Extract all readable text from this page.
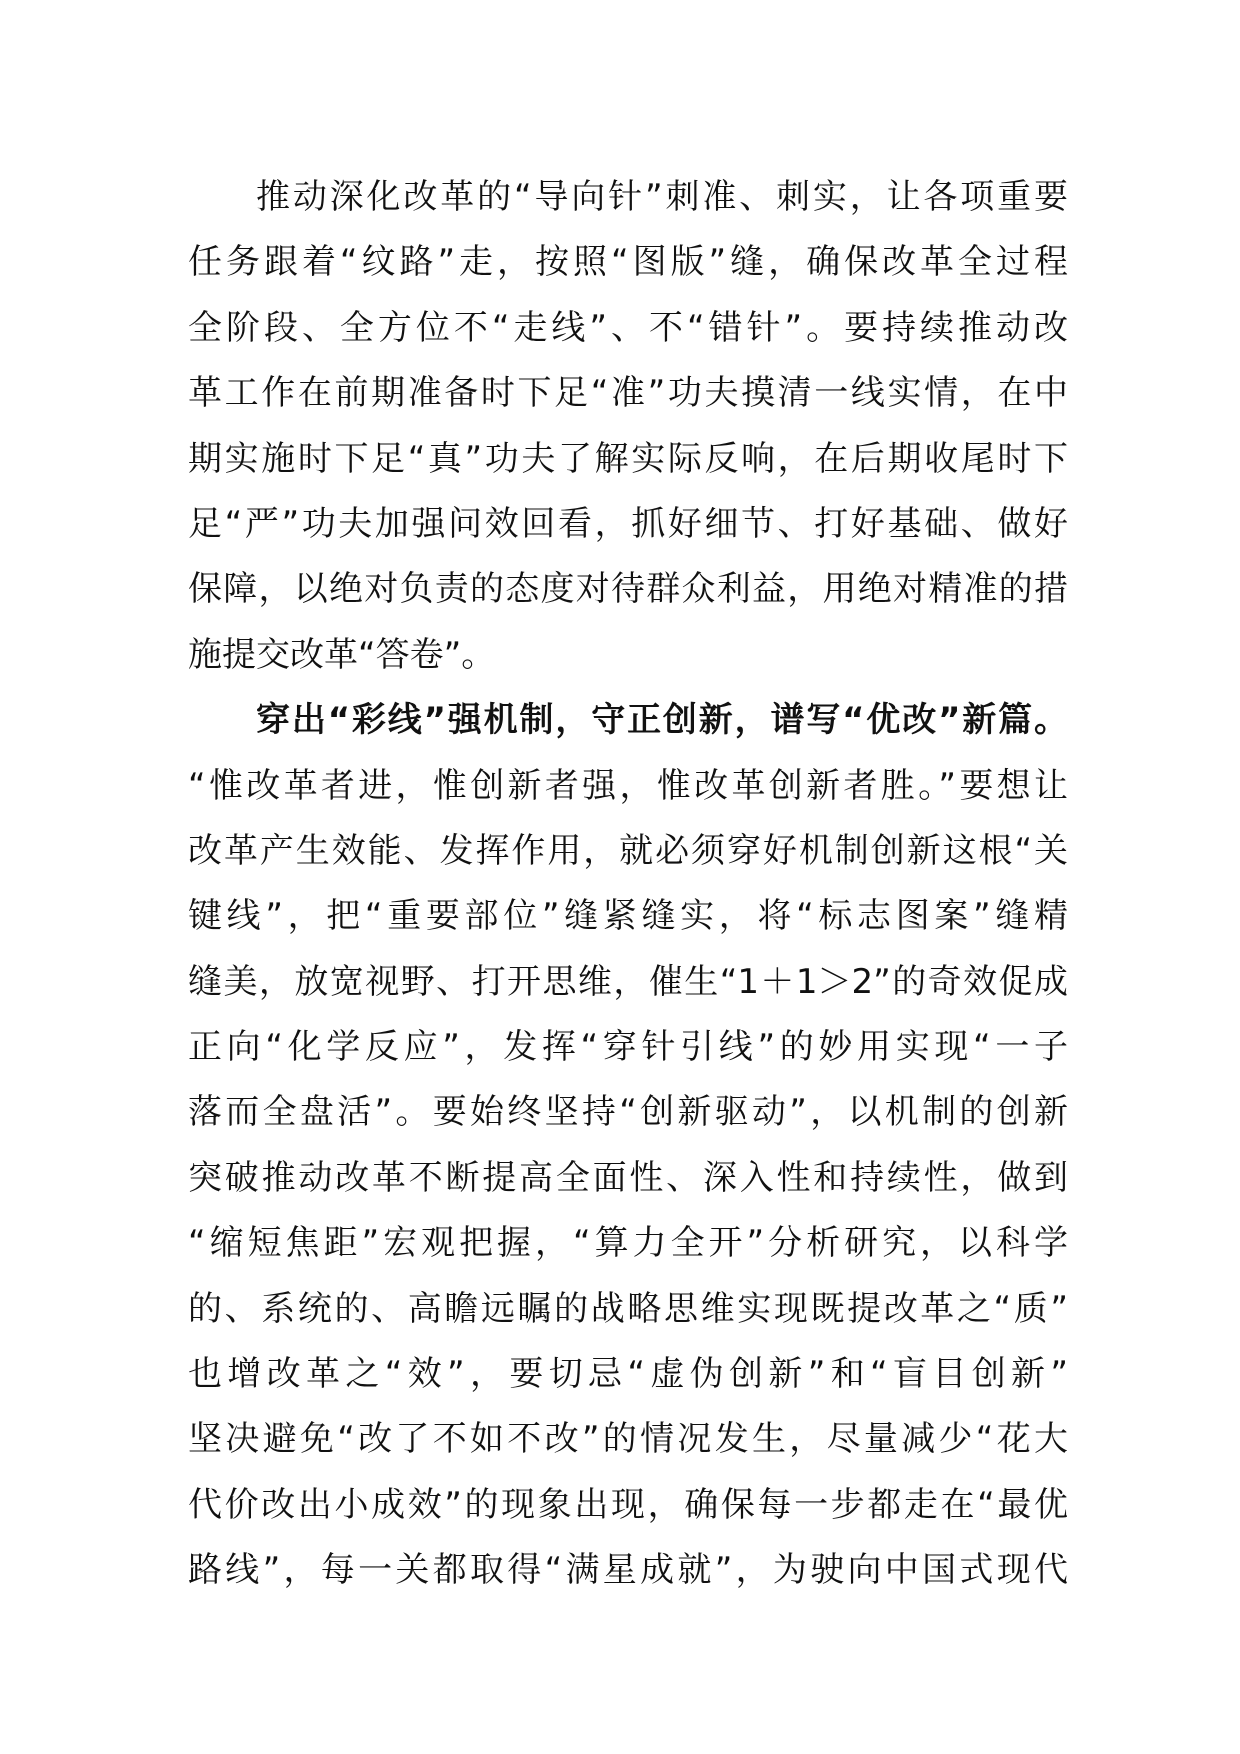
推动深化改革的“导向针”刺准、刺实，让各项重要
任务跟着“纹路”走，按照“图版”缝，确保改革全过程
全阶段、全方位不“走线”、不“错针”。要持续推动改
革工作在前期准备时下足“准”功夫摸清一线实情，在中
期实施时下足“真”功夫了解实际反响，在后期收尾时下
足“严”功夫加强问效回看，抓好细节、打好基础、做好
保障，以绝对负责的态度对待群众利益，用绝对精准的措
施提交改革“答卷”。
穿出“彩线”强机制，守正创新，谱写“优改”新篇。
“惟改革者进，惟创新者强，惟改革创新者胜。”要想让
改革产生效能、发挥作用，就必须穿好机制创新这根“关
键线”，把“重要部位”缝紧缝实，将“标志图案”缝精
缝美，放宽视野、打开思维，催生“1＋1＞2”的奇效促成
正向“化学反应”，发挥“穿针引线”的妙用实现“一子
落而全盘活”。要始终坚持“创新驱动”，以机制的创新
突破推动改革不断提高全面性、深入性和持续性，做到
“缩短焦距”宏观把握，“算力全开”分析研究，以科学
的、系统的、高瞻远瞩的战略思维实现既提改革之“质”
也增改革之“效”，要切忌“虚伪创新”和“盲目创新”
坚决避免“改了不如不改”的情况发生，尽量减少“花大
代价改出小成效”的现象出现，确保每一步都走在“最优
路线”，每一关都取得“满星成就”，为驶向中国式现代
